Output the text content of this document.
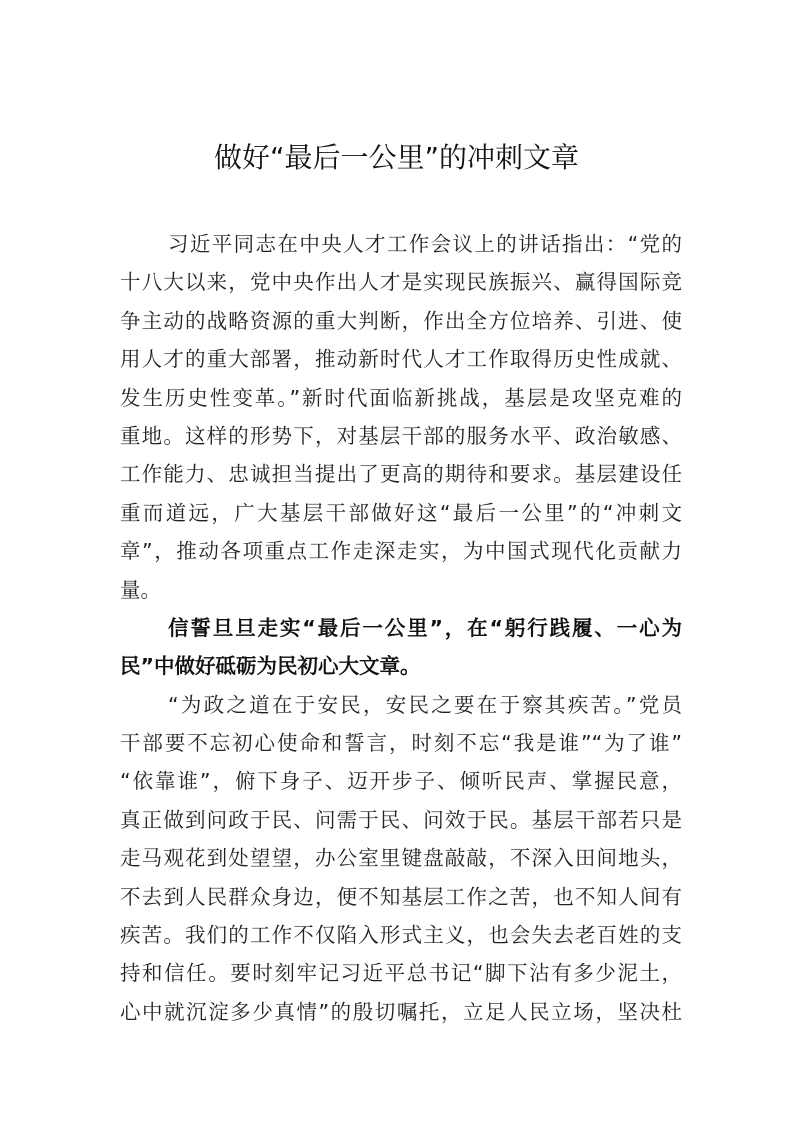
做好“最后一公里”的冲刺文章
习近平同志在中央人才工作会议上的讲话指出：“党的
十八大以来，党中央作出人才是实现民族振兴、赢得国际竞
争主动的战略资源的重大判断，作出全方位培养、引进、使
用人才的重大部署，推动新时代人才工作取得历史性成就、
发生历史性变革。”新时代面临新挑战，基层是攻坚克难的
重地。这样的形势下，对基层干部的服务水平、政治敏感、
工作能力、忠诚担当提出了更高的期待和要求。基层建设任
重而道远，广大基层干部做好这“最后一公里”的“冲刺文
章”，推动各项重点工作走深走实，为中国式现代化贡献力
量。
信誓旦旦走实“最后一公里”，在“躬行践履、一心为
民”中做好砥砺为民初心大文章。
“为政之道在于安民，安民之要在于察其疾苦。”党员
干部要不忘初心使命和誓言，时刻不忘“我是谁”“为了谁”
“依靠谁”，俯下身子、迈开步子、倾听民声、掌握民意，
真正做到问政于民、问需于民、问效于民。基层干部若只是
走马观花到处望望，办公室里键盘敲敲，不深入田间地头，
不去到人民群众身边，便不知基层工作之苦，也不知人间有
疾苦。我们的工作不仅陷入形式主义，也会失去老百姓的支
持和信任。要时刻牢记习近平总书记“脚下沾有多少泥土，
心中就沉淀多少真情”的殷切嘱托，立足人民立场，坚决杜
